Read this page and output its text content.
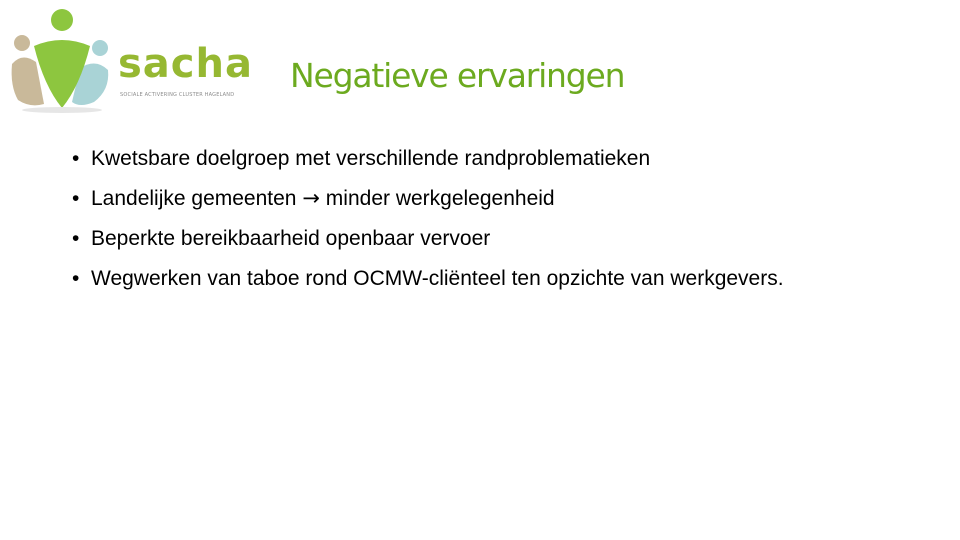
sacha
SOCIALE ACTIVERING CLUSTER HAGELAND Negatieve ervaringen
• Kwetsbare doelgroep met verschillende randproblematieken
• Landelijke gemeenten → minder werkgelegenheid
• Beperkte bereikbaarheid openbaar vervoer
• Wegwerken van taboe rond OCMW-cliënteel ten opzichte van werkgevers.
